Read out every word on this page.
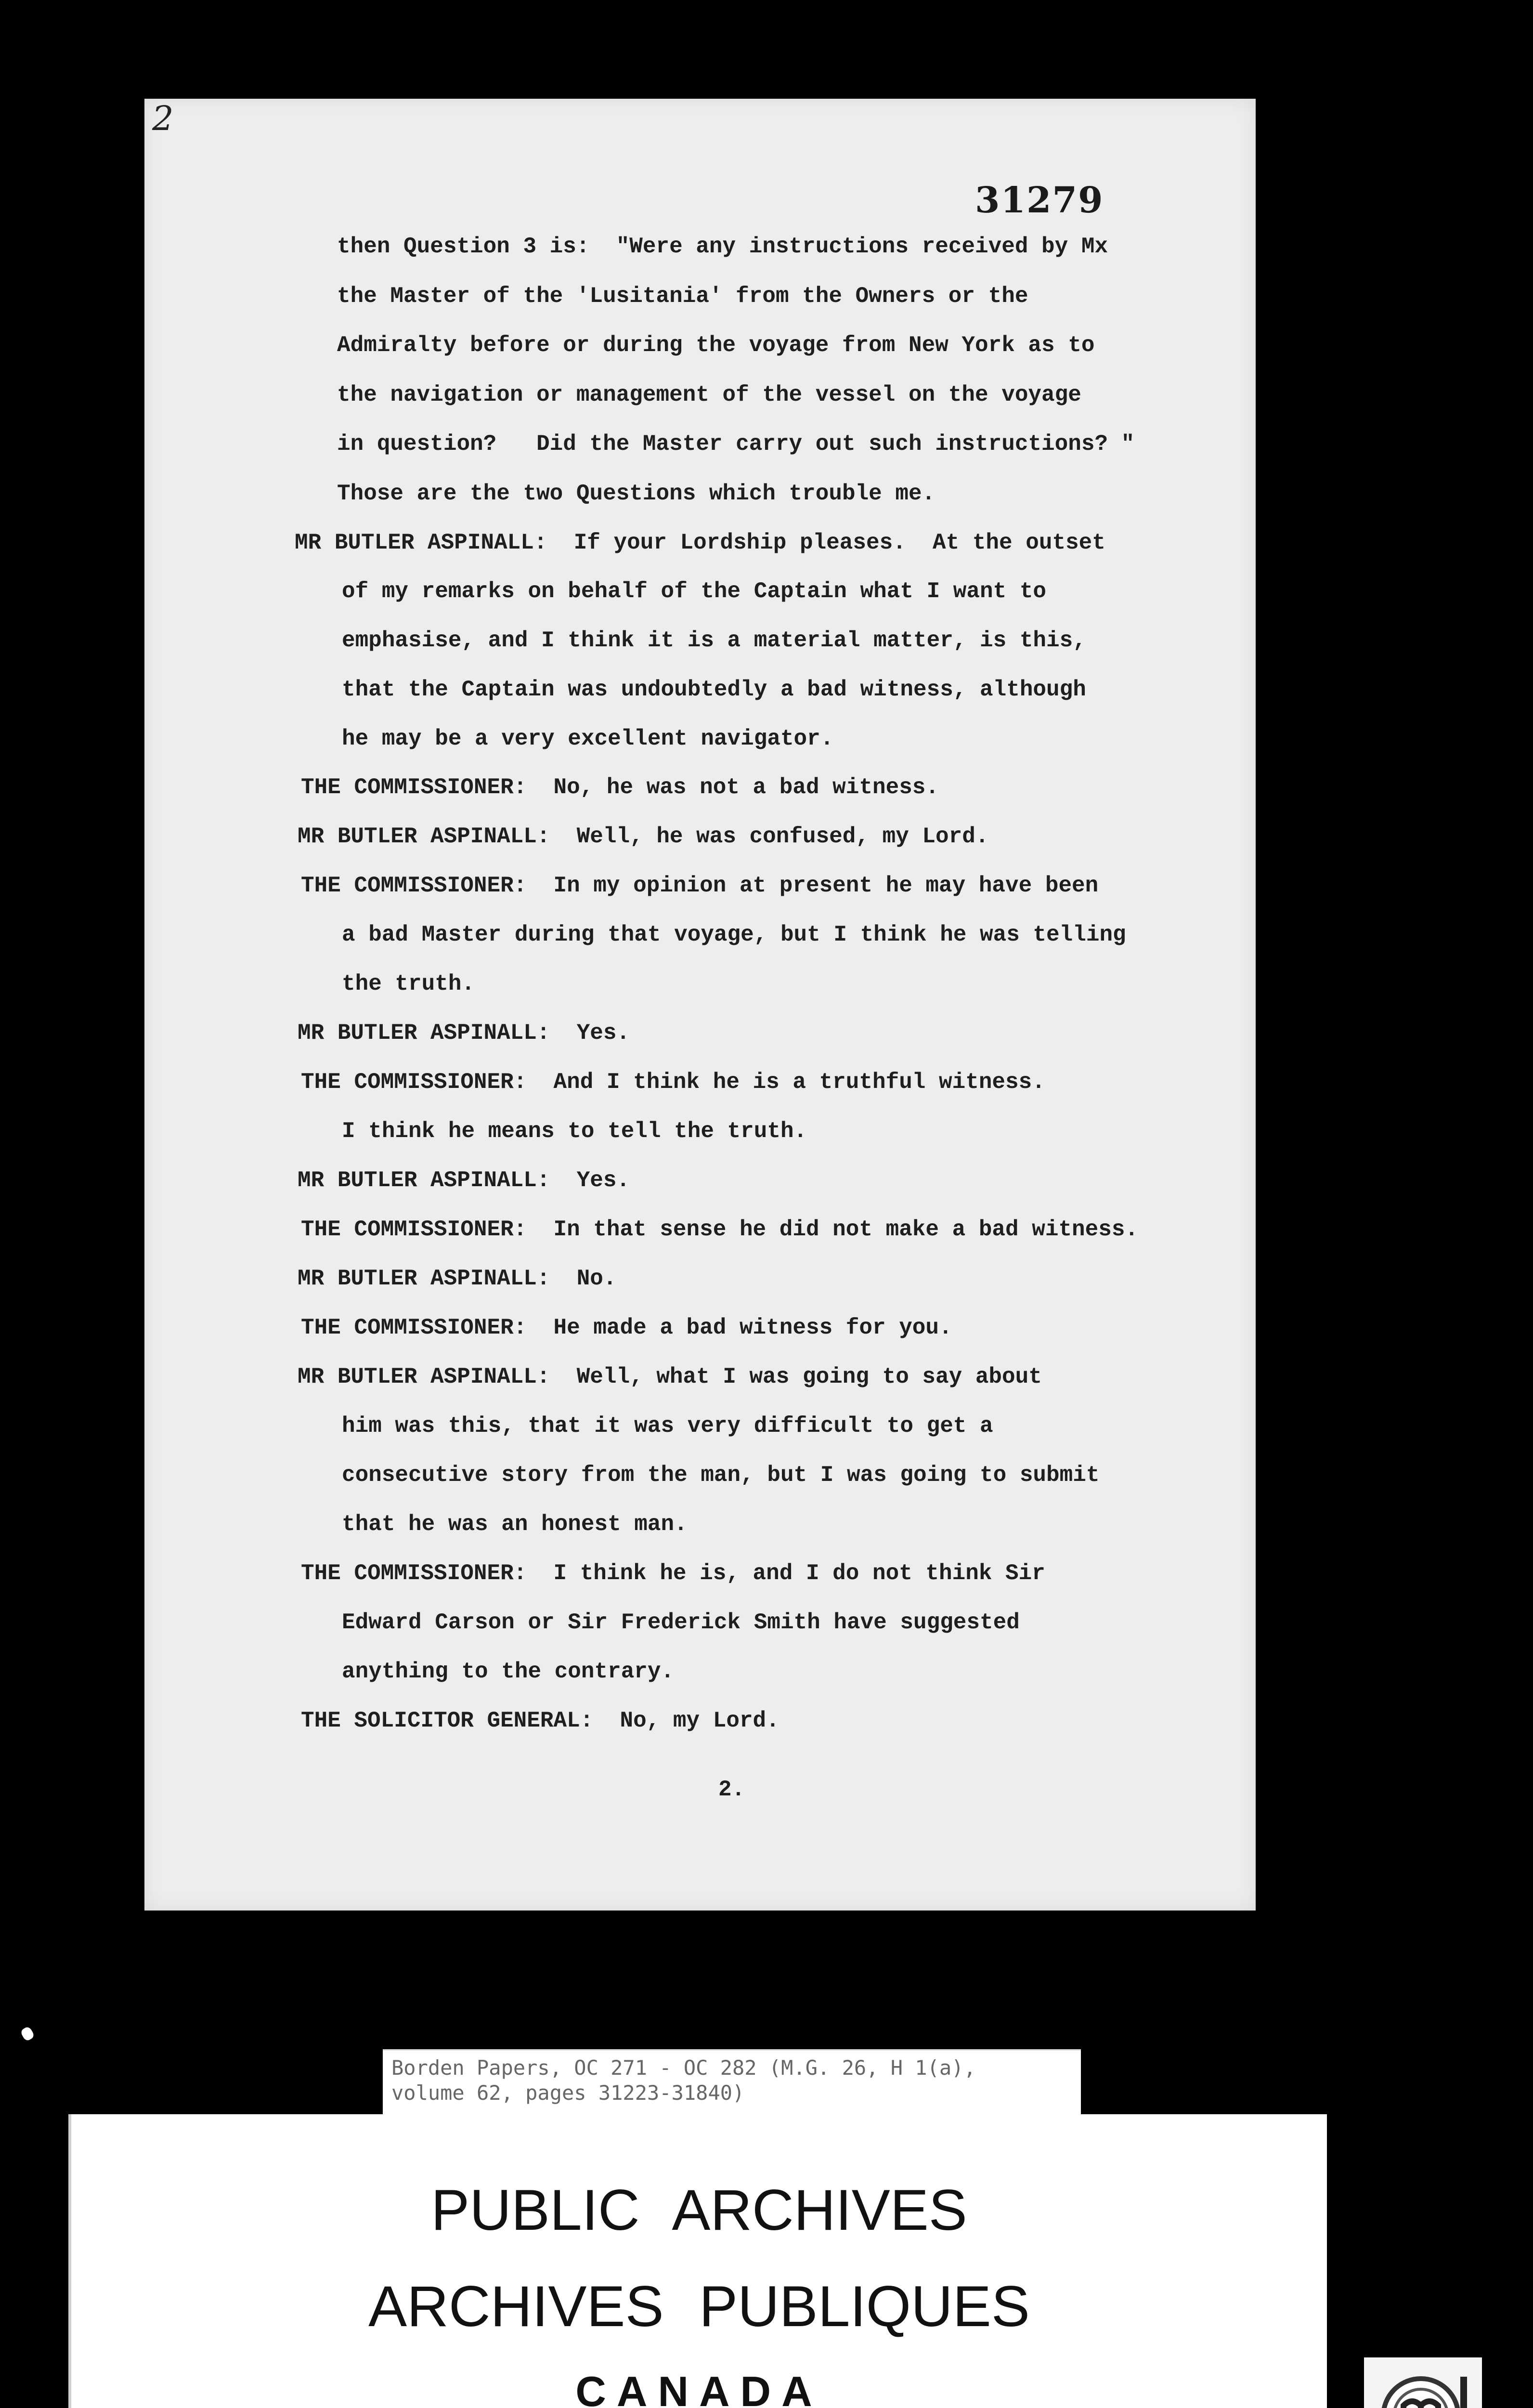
2
31279
then Question 3 is:  "Were any instructions received by Mx
the Master of the 'Lusitania' from the Owners or the
Admiralty before or during the voyage from New York as to
the navigation or management of the vessel on the voyage
in question?   Did the Master carry out such instructions? "
Those are the two Questions which trouble me.
MR BUTLER ASPINALL:  If your Lordship pleases.  At the outset
of my remarks on behalf of the Captain what I want to
emphasise, and I think it is a material matter, is this,
that the Captain was undoubtedly a bad witness, although
he may be a very excellent navigator.
THE COMMISSIONER:  No, he was not a bad witness.
MR BUTLER ASPINALL:  Well, he was confused, my Lord.
THE COMMISSIONER:  In my opinion at present he may have been
a bad Master during that voyage, but I think he was telling
the truth.
MR BUTLER ASPINALL:  Yes.
THE COMMISSIONER:  And I think he is a truthful witness.
I think he means to tell the truth.
MR BUTLER ASPINALL:  Yes.
THE COMMISSIONER:  In that sense he did not make a bad witness.
MR BUTLER ASPINALL:  No.
THE COMMISSIONER:  He made a bad witness for you.
MR BUTLER ASPINALL:  Well, what I was going to say about
him was this, that it was very difficult to get a
consecutive story from the man, but I was going to submit
that he was an honest man.
THE COMMISSIONER:  I think he is, and I do not think Sir
Edward Carson or Sir Frederick Smith have suggested
anything to the contrary.
THE SOLICITOR GENERAL:  No, my Lord.
2.
Borden Papers, OC 271 - OC 282 (M.G. 26, H 1(a),
volume 62, pages 31223-31840)
PUBLIC ARCHIVES
ARCHIVES PUBLIQUES
CANADA
